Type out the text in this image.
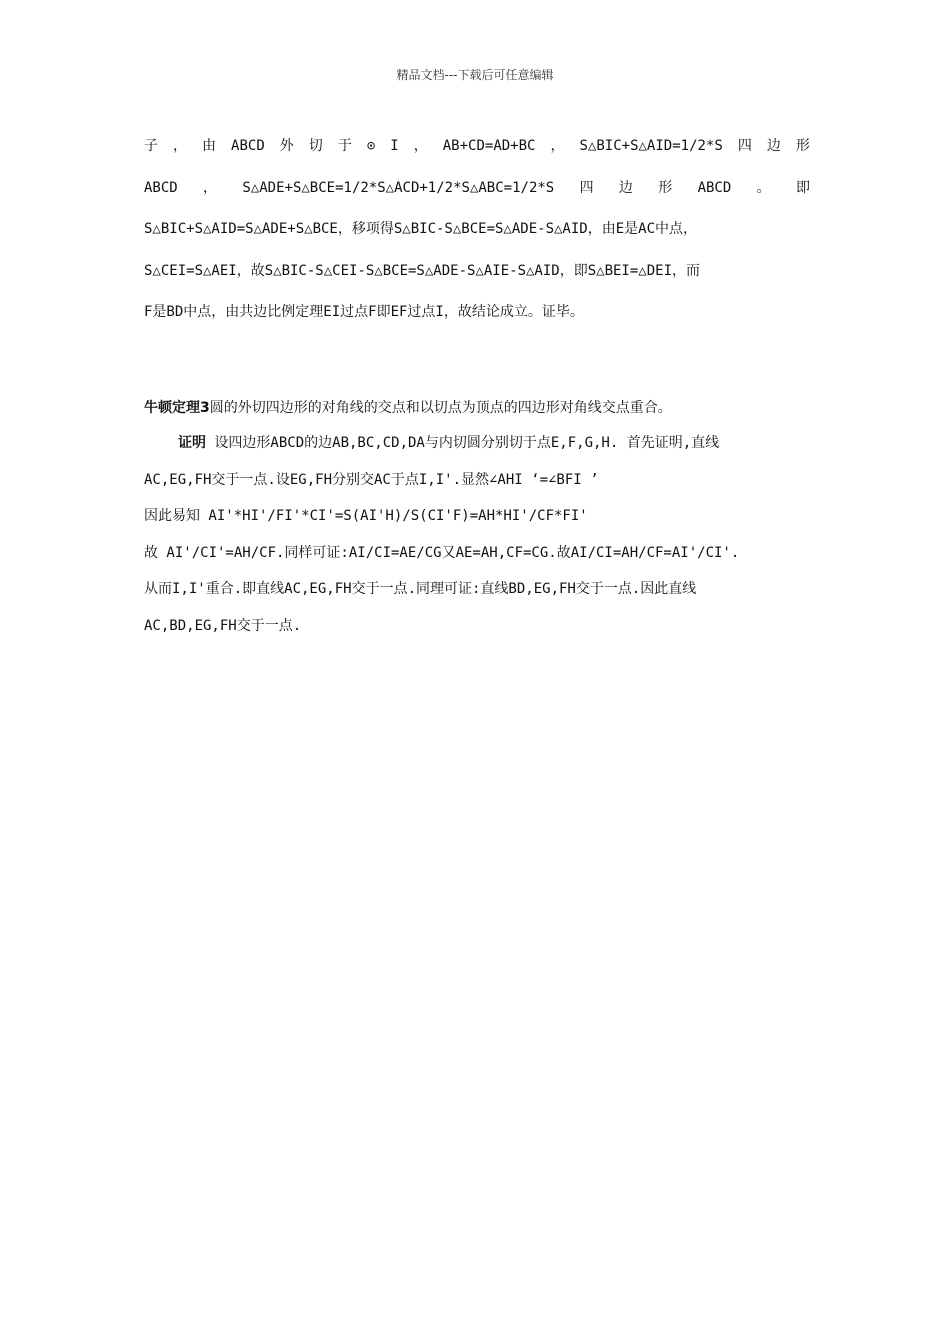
精品文档---下载后可任意编辑
子 ， 由 ABCD 外 切 于 ⊙ I ， AB+CD=AD+BC ， S△BIC+S△AID=1/2*S 四 边 形
ABCD ， S△ADE+S△BCE=1/2*S△ACD+1/2*S△ABC=1/2*S 四 边 形 ABCD 。 即
S△BIC+S△AID=S△ADE+S△BCE，移项得S△BIC-S△BCE=S△ADE-S△AID，由E是AC中点，
S△CEI=S△AEI，故S△BIC-S△CEI-S△BCE=S△ADE-S△AIE-S△AID，即S△BEI=△DEI，而
F是BD中点，由共边比例定理EI过点F即EF过点I，故结论成立。证毕。
牛顿定理3圆的外切四边形的对角线的交点和以切点为顶点的四边形对角线交点重合。
证明 设四边形ABCD的边AB,BC,CD,DA与内切圆分别切于点E,F,G,H. 首先证明,直线
AC,EG,FH交于一点.设EG,FH分别交AC于点I,I'.显然∠AHI ‘=∠BFI ’
因此易知 AI'*HI'/FI'*CI'=S(AI'H)/S(CI'F)=AH*HI'/CF*FI'
故 AI'/CI'=AH/CF.同样可证:AI/CI=AE/CG又AE=AH,CF=CG.故AI/CI=AH/CF=AI'/CI'.
从而I,I'重合.即直线AC,EG,FH交于一点.同理可证:直线BD,EG,FH交于一点.因此直线
AC,BD,EG,FH交于一点.
